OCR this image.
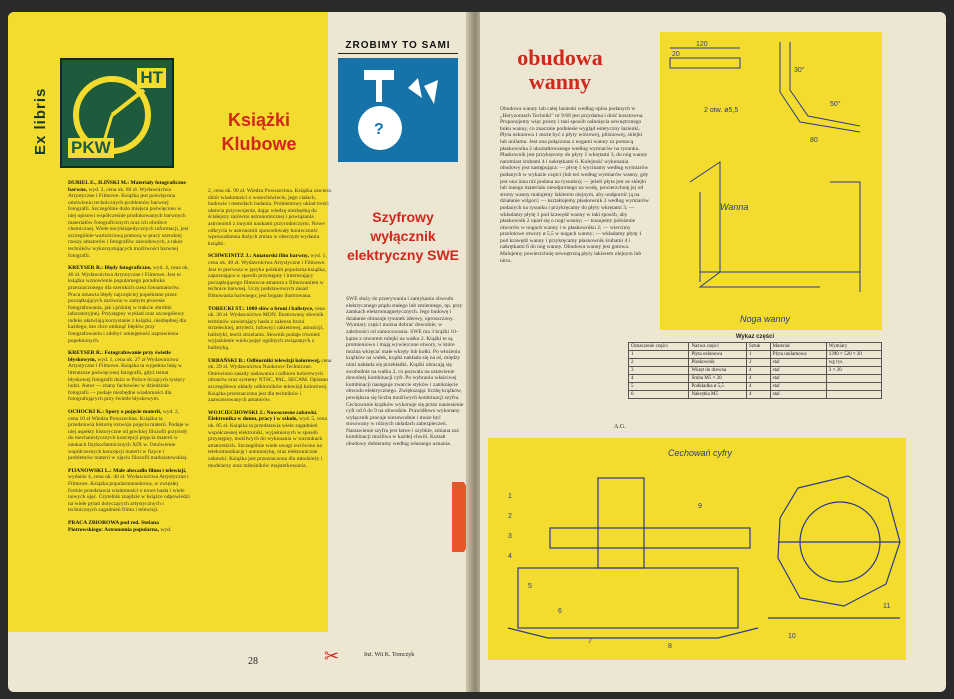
Ex libris
HT
PKW
Książki Klubowe
DUBIEL E., ILIŃSKI M.: Materiały fotograficzne barwne, wyd. 2, cena ok. 80 zł. Wydawnictwa Artystyczne i Filmowe. Książka jest poświęcona omówieniu technicznych problemów barwnej fotografii. Szczególnie dużo miejsca poświęcono w niej opisowi współcześnie produkowanych barwnych materiałów fotograficznych oraz ich obróbce chemicznej. Wiele encyklopedycznych informacji, jest szczególnie wartościową pomocą w pracy szerokiej rzeszy amatorów i fotografów zawodowych, a także techników wykorzystujących możliwości barwnej fotografii.
KREYSER R.: Błędy fotograficzne, wyd. 4, cena ok. 40 zł. Wydawnictwa Artystyczne i Filmowe. Jest to książka wznowienie popularnego poradnika przeznaczonego dla szerokich rzesz fotoamatorów. Praca omawia błędy najczęściej popełniane przez początkujących zarówno w samym procesie fotografowania, jak i później w trakcie obróbki laboratoryjnej. Przystępny wykład oraz szczegółowy indeks ułatwiają korzystanie z książki, niezbędnej dla każdego, kto chce uniknąć błędów przy fotografowaniu i zdobyć umiejętność naprawienia popełnionych.
KREYSER R.: Fotografowanie przy świetle błyskowym, wyd. 1, cena ok. 27 zł Wydawnictwa Artystyczne i Filmowe. Książka ta wypełnia lukę w literaturze poświęconej fotografii, gdyż temat błyskowej fotografii dużo w Polsce liczących tysięcy ludzi. Autor — znany fachowiec w dziedzinie fotografii — podaje niezbędne wiadomości dla fotografujących przy świetle błyskowym.
OCHOCKI K.: Spory o pojęcie materii, wyd. 2, cena 10 zł Wiedza Powszechna. Książka ta przedstawia historię rozwoju pojęcia materii. Podaje w niej aspekty historyczne od greckiej filozofii przyrody do mechanistycznych koncepcji pojęcia materii w naukach fizykochemicznych XIX w. Omówienie współczesnych koncepcji materii w fizyce i problemów materii w ujęciu filozofii marksistowskiej.
PIJANOWSKI L.: Małe abecadło filmu i telewizji, wydanie 4, cena ok. 40 zł. Wydawnictwa Artystyczne i Filmowe. Książka popularnonaukowa, w zwięzłej formie przedstawia wiadomości o nowe hasła i wiele nowych ujęć. Czytelnik znajdzie w książce odpowiedzi na wiele pytań dotyczących artystycznych i technicznych zagadnień filmu i telewizji.
PRACA ZBIOROWA pod red. Stefana Piotrowskiego: Astronomia popularna, wyd.
2, cena ok. 90 zł. Wiedza Powszechna. Książka zawiera zbiór wiadomości o wszechświecie, jego ciałach, budowie i metodach badania. Problemowy układ treści ułatwia przyswojenie, dając wiedzę niezbędną do ścisłejszy zarówno astronomicznej i powiązania astronomii z innymi naukami przyrodniczymi. Nowe odkrycia w astronomii spowodowały konieczność wprowadzenia dużych zmian w obecnym wydaniu książki.
SCHWEINITZ J.: Amatorski film barwny, wyd. 1, cena ok. 40 zł. Wydawnictwa Artystyczne i Filmowe. Jest to pierwsza w języku polskim popularna książka, zapoznająca w sposób przystępny i interesujący początkującego filmowca-amatora z filmowaniem w technice barwnej. Uczy podstawowych zasad filmowania barwnego; jest bogato ilustrowana.
TORECKI ST.: 1000 słów o broni i balistyce, cena ok. 30 zł. Wydawnictwo MON. Ilustrowany słownik terminów zawierający hasła z zakresu broni strzeleckiej, artylerii, lufowej i rakietowej, amunicji, balistyki, teorii strzelania. Słownik podaje również wyjaśnienie wielu pojęć ogólnych związanych z balistyką.
URBAŃSKI B.: Odbiorniki telewizji kolorowej, cena ok. 29 zł. Wydawnictwa Naukowo-Techniczne. Omówiono zasady nadawania i odbioru kolorowych obrazów oraz systemy NTSC, PAL, SECAM. Opisano szczegółowo układy odbiorników telewizji kolorowej. Książka przeznaczona jest dla techników i zaawansowanych amatorów.
WOJCIECHOWSKI J.: Nowoczesne zabawki. Elektronika w domu, pracy i w szkole, wyd. 5, cena ok. 85 zł. Książka ta przedstawia wiele zagadnień współczesnej elektroniki, wyjaśnionych w sposób przystępny, możliwych do wykonania w warunkach amatorskich. Szczególnie wiele uwagi zwrócono na telekomunikację i automatykę, oraz elektroniczne zabawki. Książka jest przeznaczona dla młodzieży i modelarzy oraz miłośników majsterkowania.
ZROBIMY TO SAMI
?
Szyfrowy wyłącznik elektryczny SWE
SWE służy do przerywania i zamykania obwodu elektrycznego prądu stałego lub zmiennego, np. przy zamkach elektromagnetycznych. Jego budowę i działanie obrazuje rysunek ideowy, uproszczony. Wymiary części można dobrać dowolnie, w zależności od zamocowania. SWE ma 3 krążki 10-kątne z otworem tulejki na wałku 2. Krążki te są promieniowo i mają wywiercone otwory, w które można wkręcać małe wkręty lub kołki. Po włożeniu krążków na wałek, krążki nakłada się na oś, między nimi nakłada się przekładki. Krążki obracają się swobodnie na wałku 2, co pozwala na ustawienie dowolnej kombinacji cyfr. Po wybraniu właściwej kombinacji następuje zwarcie styków i zamknięcie obwodu elektrycznego. Zwiększając liczbę krążków, powiększa się liczba możliwych kombinacji szyfru. Cechowanie krążków wykonuje się przez naniesienie cyfr od 0 do 9 na obwodzie. Prawidłowo wykonany wyłącznik pracuje niezawodnie i może być stosowany w różnych układach zabezpieczeń. Nastawienie szyfru jest łatwe i szybkie, zmiana zaś kombinacji możliwa w każdej chwili. Kształt obudowy dobieramy według własnego uznania.
Inż. Wit K. Tomczyk
28	✂
obudowa wanny
Obudowa wanny lub całej łazienki według opisu podanych w „Horyzontach Techniki” nr 9/68 jest przydatna i dość kosztowna. Proponujemy więc prosty i tani sposób osłonięcia zewnętrznego boku wanny, co znacznie podniesie wygląd estetyczny łazienki. Płyta osłonowa 1 może być z płyty wiórowej, pilśniowej, sklejki lub unilamu. Jest ona połączona z nogami wanny za pomocą płaskownika 2 ukształtowanego według wymiarów na rysunku. Płaskownik jest przykręcony do płyty 1 wkrętami 3, do nóg wanny natomiast śrubami 4 i nakrętkami 6. Kolejność wykonania obudowy jest następująca: — płytę 1 wycinamy według wymiarów podanych w wykazie części (lub też według wymiarów wanny, gdy jest ona inna niż podana na rysunku); — jeżeli płyta jest ze sklejki lub innego materiału nieodpornego na wodę, powierzchnię jej od strony wanny malujemy lakierem olejnym, aby uodpornić ją na działanie wilgoci; — kształtujemy płaskownik 2 według wymiarów podanych na rysunku i przykręcamy do płyty wkrętami 3; — wkładamy płytę 1 pod krawędź wanny w taki sposób, aby płaskownik 2 oparł się o nogi wanny; — trasujemy położenie otworów w nogach wanny i w płaskowniku 2; — wiercimy przelotowe otwory ø 5,5 w nogach wanny; — wkładamy płytę 1 pod krawędź wanny i przykręcamy płaskownik śrubami 4 i nakrętkami 6 do nóg wanny. Obudowa wanny jest gotowa. Malujemy powierzchnię zewnętrzną płyty lakierem olejnym lub nitro.
A.G.
120
20
80
50°
30°
2 otw. ø5,5
Wanna
Noga wanny
Wykaz części
Oznaczenie części	Nazwa części	Sztuk	Materiał	Wymiary
1	Płyta osłonowa	1	Płyta unilamowa	1390 × 520 × 20
2	Płaskownik	2	stal	wg rys.
3	Wkręt do drewna	4	stal	3 × 20
4	Śruba M5 × 20	4	stal	
5	Podkładka ø 5,5	4	stal	
6	Nakrętka M5	4	stal	
Cechowań cyfry
1
2
3
4
5
6
7
8
9
10
11
